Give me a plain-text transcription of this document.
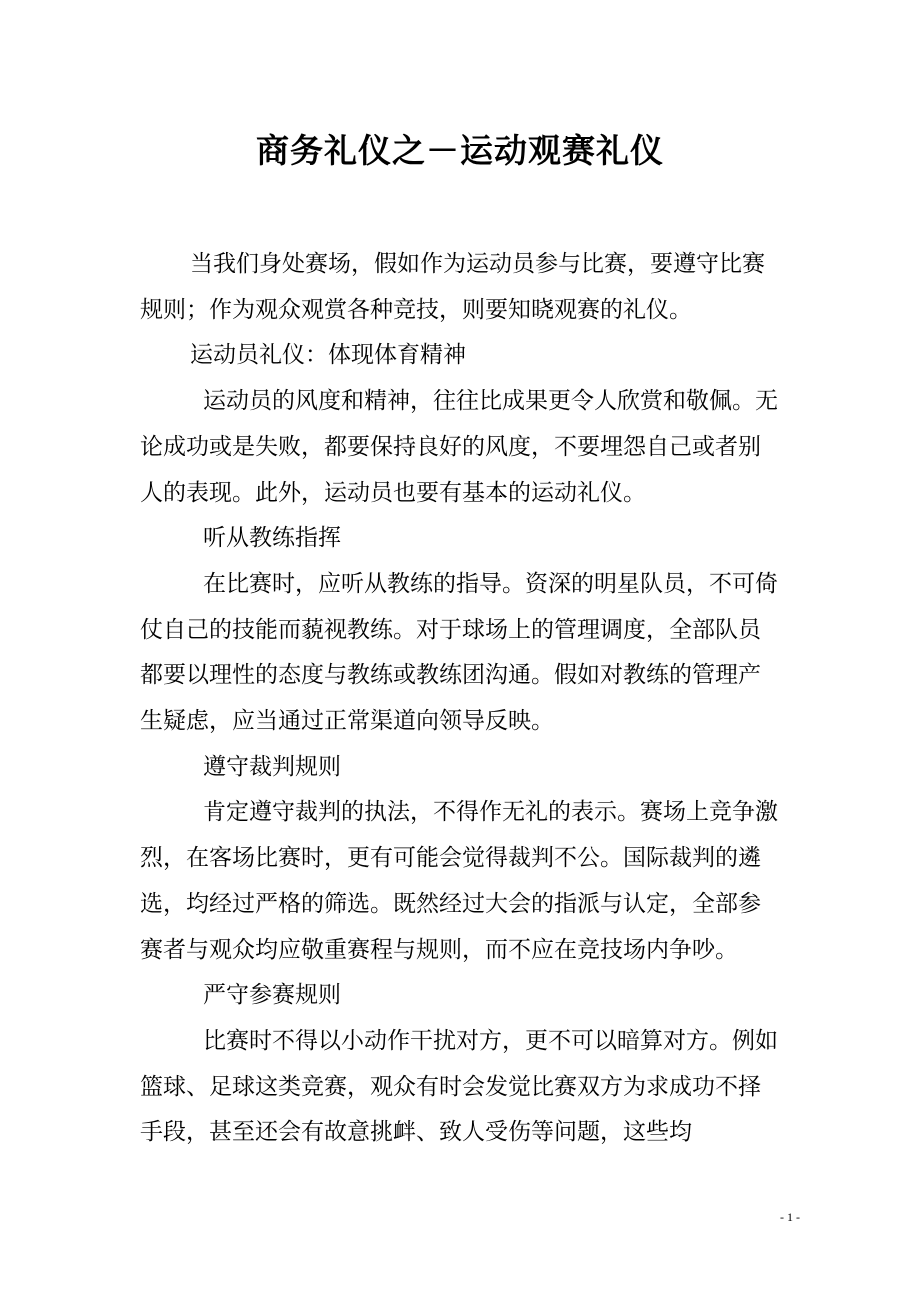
商务礼仪之－运动观赛礼仪

当我们身处赛场，假如作为运动员参与比赛，要遵守比赛规则；作为观众观赏各种竞技，则要知晓观赛的礼仪。

运动员礼仪：体现体育精神

运动员的风度和精神，往往比成果更令人欣赏和敬佩。无论成功或是失败，都要保持良好的风度，不要埋怨自己或者别人的表现。此外，运动员也要有基本的运动礼仪。

听从教练指挥

在比赛时，应听从教练的指导。资深的明星队员，不可倚仗自己的技能而藐视教练。对于球场上的管理调度，全部队员都要以理性的态度与教练或教练团沟通。假如对教练的管理产生疑虑，应当通过正常渠道向领导反映。

遵守裁判规则

肯定遵守裁判的执法，不得作无礼的表示。赛场上竞争激烈，在客场比赛时，更有可能会觉得裁判不公。国际裁判的遴选，均经过严格的筛选。既然经过大会的指派与认定，全部参赛者与观众均应敬重赛程与规则，而不应在竞技场内争吵。

严守参赛规则

比赛时不得以小动作干扰对方，更不可以暗算对方。例如篮球、足球这类竞赛，观众有时会发觉比赛双方为求成功不择手段，甚至还会有故意挑衅、致人受伤等问题，这些均

- 1 -
